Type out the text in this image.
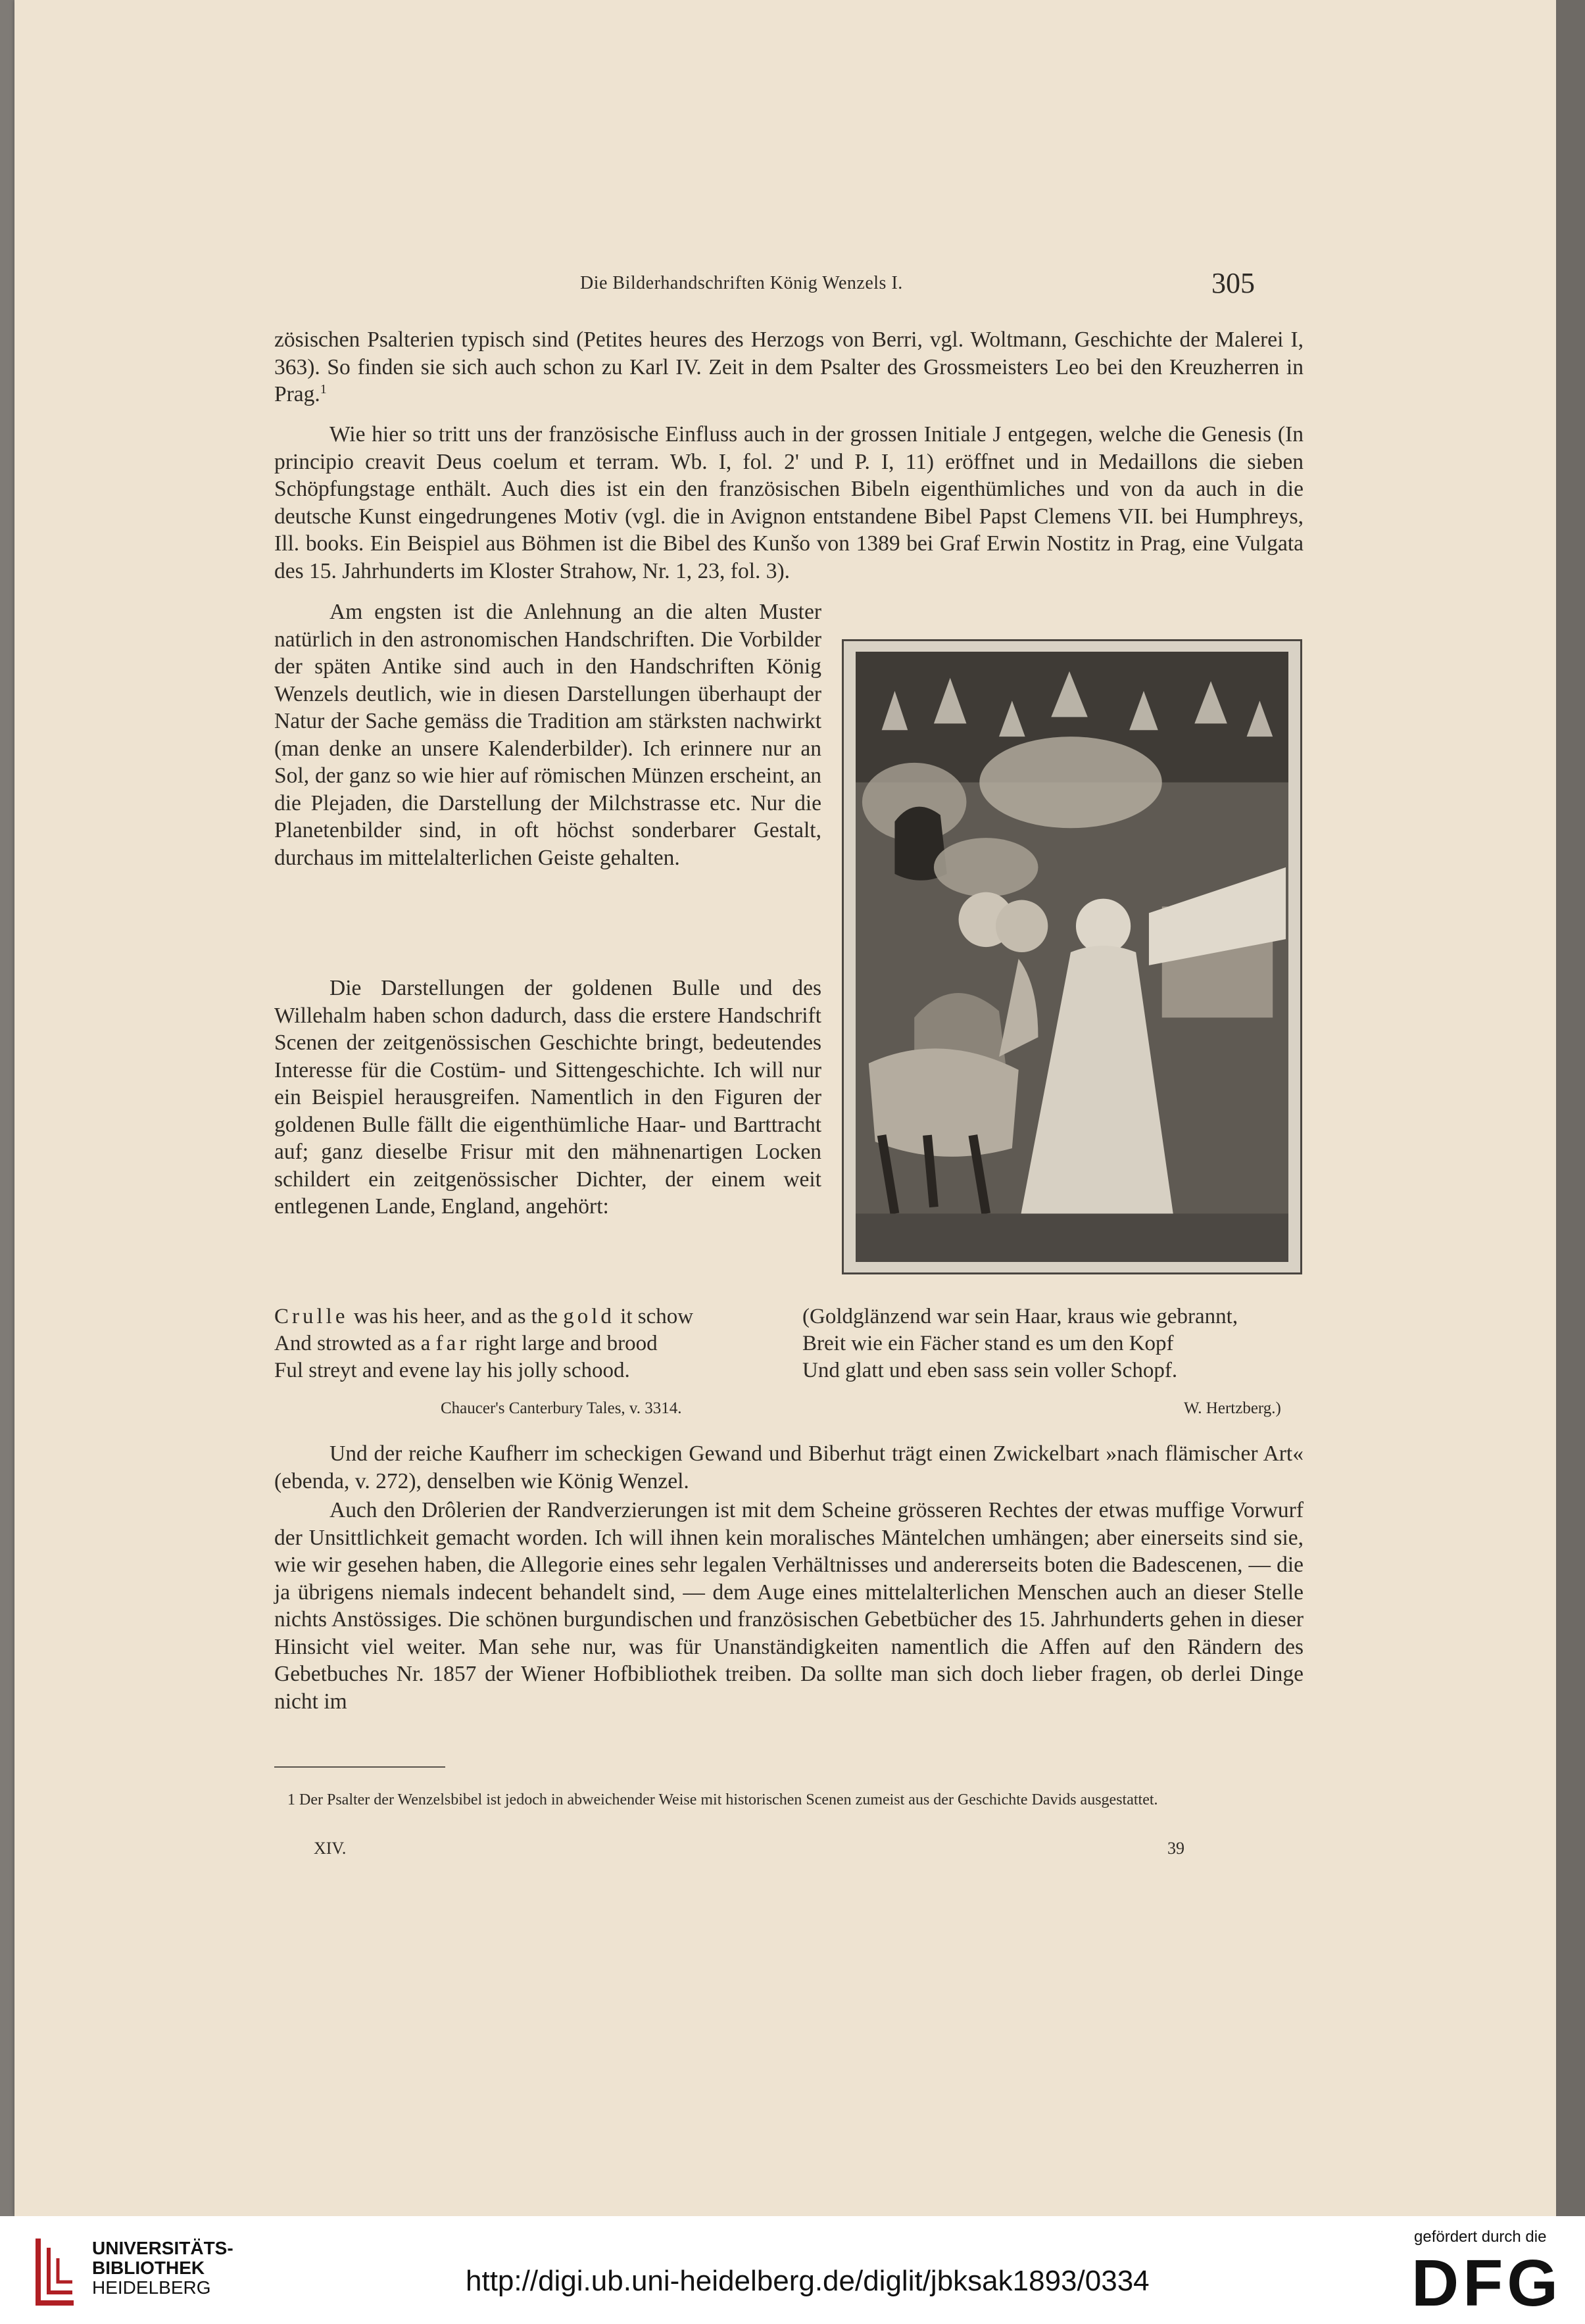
Die Bilderhandschriften König Wenzels I.	305

zösischen Psalterien typisch sind (Petites heures des Herzogs von Berri, vgl. Woltmann, Geschichte der Malerei I, 363). So finden sie sich auch schon zu Karl IV. Zeit in dem Psalter des Grossmeisters Leo bei den Kreuzherren in Prag.$^1$

Wie hier so tritt uns der französische Einfluss auch in der grossen Initiale J entgegen, welche die Genesis (In principio creavit Deus coelum et terram. Wb. I, fol. 2' und P. I, 11) eröffnet und in Medaillons die sieben Schöpfungstage enthält. Auch dies ist ein den französischen Bibeln eigenthümliches und von da auch in die deutsche Kunst eingedrungenes Motiv (vgl. die in Avignon entstandene Bibel Papst Clemens VII. bei Humphreys, Ill. books. Ein Beispiel aus Böhmen ist die Bibel des Kunšo von 1389 bei Graf Erwin Nostitz in Prag, eine Vulgata des 15. Jahrhunderts im Kloster Strahow, Nr. 1, 23, fol. 3).

Am engsten ist die Anlehnung an die alten Muster natürlich in den astronomischen Handschriften. Die Vorbilder der späten Antike sind auch in den Handschriften König Wenzels deutlich, wie in diesen Darstellungen überhaupt der Natur der Sache gemäss die Tradition am stärksten nachwirkt (man denke an unsere Kalenderbilder). Ich erinnere nur an Sol, der ganz so wie hier auf römischen Münzen erscheint, an die Plejaden, die Darstellung der Milchstrasse etc. Nur die Planetenbilder sind, in oft höchst sonderbarer Gestalt, durchaus im mittelalterlichen Geiste gehalten.

Die Darstellungen der goldenen Bulle und des Willehalm haben schon dadurch, dass die erstere Handschrift Scenen der zeitgenössischen Geschichte bringt, bedeutendes Interesse für die Costüm- und Sittengeschichte. Ich will nur ein Beispiel herausgreifen. Namentlich in den Figuren der goldenen Bulle fällt die eigenthümliche Haar- und Barttracht auf; ganz dieselbe Frisur mit den mähnenartigen Locken schildert ein zeitgenössischer Dichter, der einem weit entlegenen Lande, England, angehört:

Crulle was his heer, and as the gold it schow
And strowted as a far right large and brood
Ful streyt and evene lay his jolly schood.
Chaucer's Canterbury Tales, v. 3314.
(Goldglänzend war sein Haar, kraus wie gebrannt,
Breit wie ein Fächer stand es um den Kopf
Und glatt und eben sass sein voller Schopf.
W. Hertzberg.)

Und der reiche Kaufherr im scheckigen Gewand und Biberhut trägt einen Zwickelbart »nach flämischer Art« (ebenda, v. 272), denselben wie König Wenzel.

Auch den Drôlerien der Randverzierungen ist mit dem Scheine grösseren Rechtes der etwas muffige Vorwurf der Unsittlichkeit gemacht worden. Ich will ihnen kein moralisches Mäntelchen umhängen; aber einerseits sind sie, wie wir gesehen haben, die Allegorie eines sehr legalen Verhältnisses und andererseits boten die Badescenen, — die ja übrigens niemals indecent behandelt sind, — dem Auge eines mittelalterlichen Menschen auch an dieser Stelle nichts Anstössiges. Die schönen burgundischen und französischen Gebetbücher des 15. Jahrhunderts gehen in dieser Hinsicht viel weiter. Man sehe nur, was für Unanständigkeiten namentlich die Affen auf den Rändern des Gebetbuches Nr. 1857 der Wiener Hofbibliothek treiben. Da sollte man sich doch lieber fragen, ob derlei Dinge nicht im

1 Der Psalter der Wenzelsbibel ist jedoch in abweichender Weise mit historischen Scenen zumeist aus der Geschichte Davids ausgestattet.

XIV.	39
UNIVERSITÄTS-
BIBLIOTHEK
HEIDELBERG	http://digi.ub.uni-heidelberg.de/diglit/jbksak1893/0334
gefördert durch die
DFG
